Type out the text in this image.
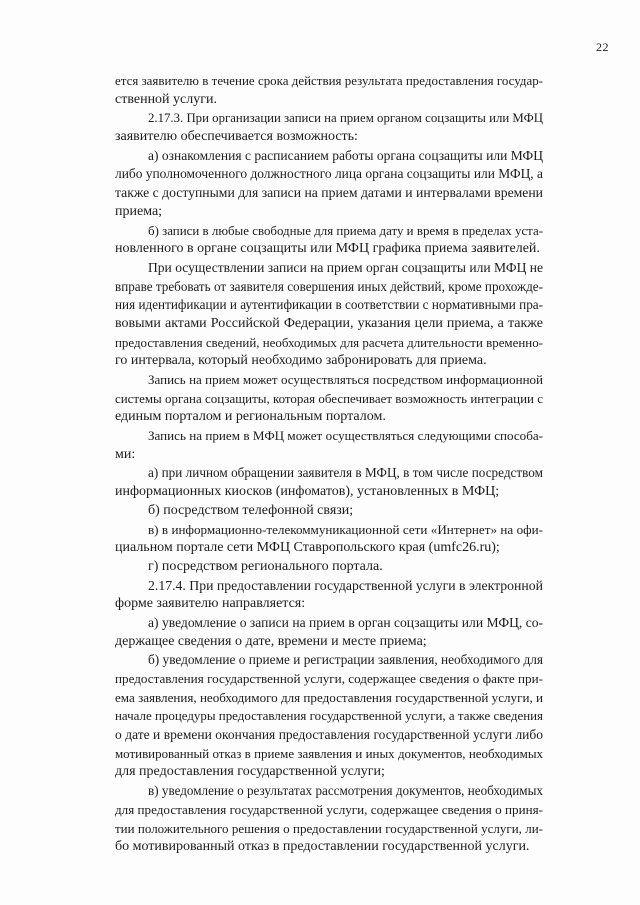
22
ется заявителю в течение срока действия результата предоставления государ-
ственной услуги.
2.17.3. При организации записи на прием органом соцзащиты или МФЦ
заявителю обеспечивается возможность:
а) ознакомления с расписанием работы органа соцзащиты или МФЦ
либо уполномоченного должностного лица органа соцзащиты или МФЦ, а
также с доступными для записи на прием датами и интервалами времени
приема;
б) записи в любые свободные для приема дату и время в пределах уста-
новленного в органе соцзащиты или МФЦ графика приема заявителей.
При осуществлении записи на прием орган соцзащиты или МФЦ не
вправе требовать от заявителя совершения иных действий, кроме прохожде-
ния идентификации и аутентификации в соответствии с нормативными пра-
вовыми актами Российской Федерации, указания цели приема, а также
предоставления сведений, необходимых для расчета длительности временно-
го интервала, который необходимо забронировать для приема.
Запись на прием может осуществляться посредством информационной
системы органа соцзащиты, которая обеспечивает возможность интеграции с
единым порталом и региональным порталом.
Запись на прием в МФЦ может осуществляться следующими способа-
ми:
а) при личном обращении заявителя в МФЦ, в том числе посредством
информационных киосков (инфоматов), установленных в МФЦ;
б) посредством телефонной связи;
в) в информационно-телекоммуникационной сети «Интернет» на офи-
циальном портале сети МФЦ Ставропольского края (umfc26.ru);
г) посредством регионального портала.
2.17.4. При предоставлении государственной услуги в электронной
форме заявителю направляется:
а) уведомление о записи на прием в орган соцзащиты или МФЦ, со-
держащее сведения о дате, времени и месте приема;
б) уведомление о приеме и регистрации заявления, необходимого для
предоставления государственной услуги, содержащее сведения о факте при-
ема заявления, необходимого для предоставления государственной услуги, и
начале процедуры предоставления государственной услуги, а также сведения
о дате и времени окончания предоставления государственной услуги либо
мотивированный отказ в приеме заявления и иных документов, необходимых
для предоставления государственной услуги;
в) уведомление о результатах рассмотрения документов, необходимых
для предоставления государственной услуги, содержащее сведения о приня-
тии положительного решения о предоставлении государственной услуги, ли-
бо мотивированный отказ в предоставлении государственной услуги.
